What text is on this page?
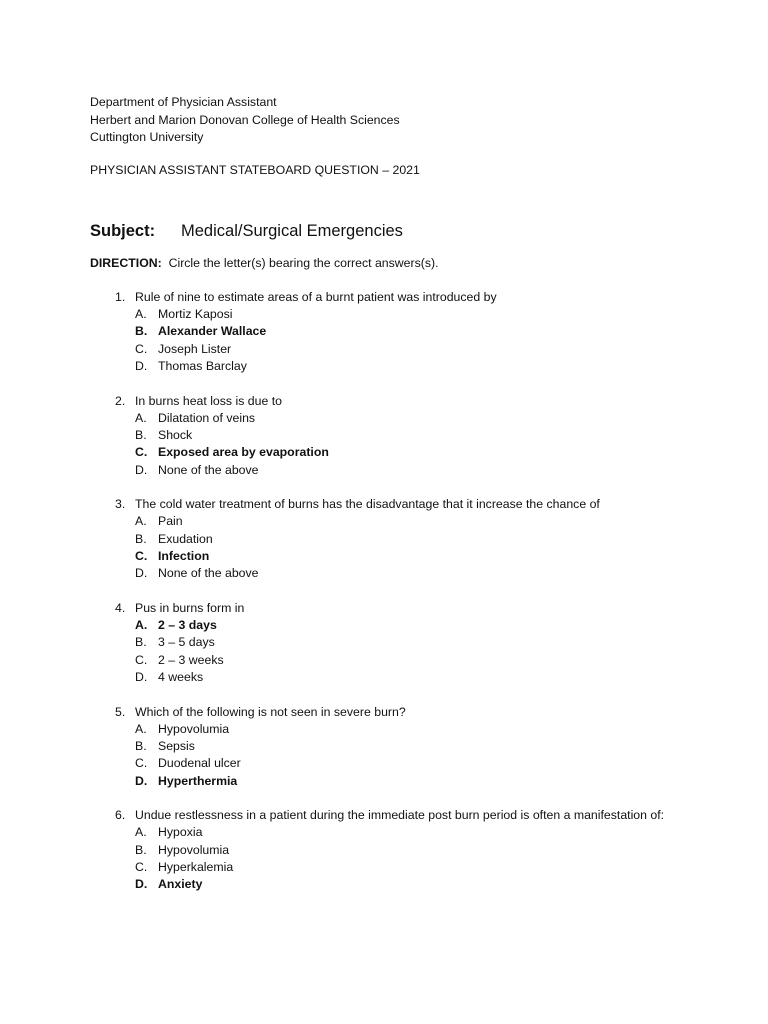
Department of Physician Assistant
Herbert and Marion Donovan College of Health Sciences
Cuttington University
PHYSICIAN ASSISTANT STATEBOARD QUESTION – 2021
Subject: Medical/Surgical Emergencies
DIRECTION: Circle the letter(s) bearing the correct answers(s).
1. Rule of nine to estimate areas of a burnt patient was introduced by
A. Mortiz Kaposi
B. Alexander Wallace
C. Joseph Lister
D. Thomas Barclay
2. In burns heat loss is due to
A. Dilatation of veins
B. Shock
C. Exposed area by evaporation
D. None of the above
3. The cold water treatment of burns has the disadvantage that it increase the chance of
A. Pain
B. Exudation
C. Infection
D. None of the above
4. Pus in burns form in
A. 2 – 3 days
B. 3 – 5 days
C. 2 – 3 weeks
D. 4 weeks
5. Which of the following is not seen in severe burn?
A. Hypovolumia
B. Sepsis
C. Duodenal ulcer
D. Hyperthermia
6. Undue restlessness in a patient during the immediate post burn period is often a manifestation of:
A. Hypoxia
B. Hypovolumia
C. Hyperkalemia
D. Anxiety
